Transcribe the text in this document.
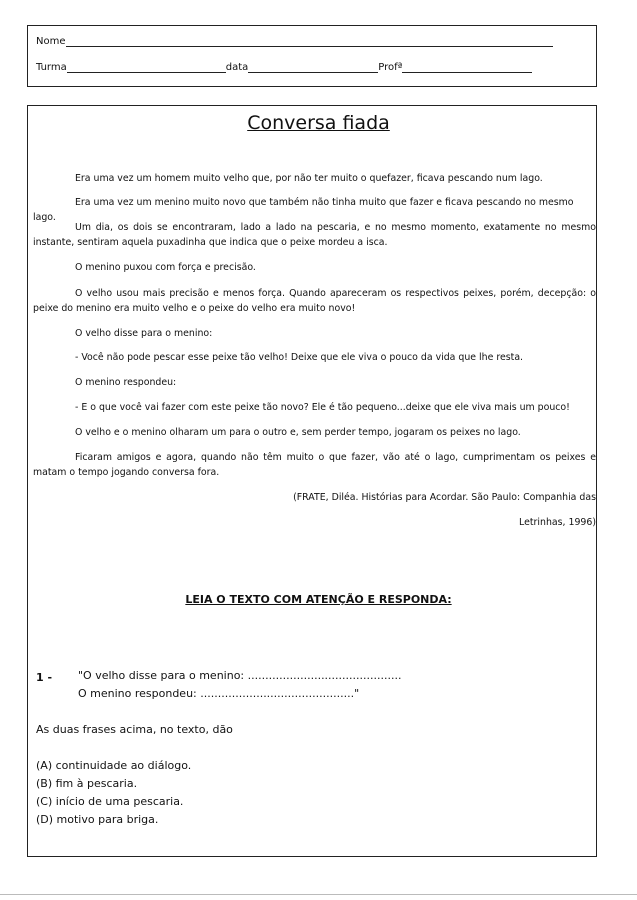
Nome
Turma	data	Profª
Conversa fiada

Era uma vez um homem muito velho que, por não ter muito o quefazer, ficava pescando num lago.

Era uma vez um menino muito novo que também não tinha muito que fazer e ficava pescando no mesmo lago.

Um dia, os dois se encontraram, lado a lado na pescaria, e no mesmo momento, exatamente no mesmo instante, sentiram aquela puxadinha que indica que o peixe mordeu a isca.

O menino puxou com força e precisão.

O velho usou mais precisão e menos força. Quando apareceram os respectivos peixes, porém, decepção: o peixe do menino era muito velho e o peixe do velho era muito novo!

O velho disse para o menino:

- Você não pode pescar esse peixe tão velho! Deixe que ele viva o pouco da vida que lhe resta.

O menino respondeu:

- E o que você vai fazer com este peixe tão novo? Ele é tão pequeno...deixe que ele viva mais um pouco!

O velho e o menino olharam um para o outro e, sem perder tempo, jogaram os peixes no lago.

Ficaram amigos e agora, quando não têm muito o que fazer, vão até o lago, cumprimentam os peixes e matam o tempo jogando conversa fora.

(FRATE, Diléa. Histórias para Acordar. São Paulo: Companhia das

Letrinhas, 1996)

LEIA O TEXTO COM ATENÇÃO E RESPONDA:
1 - "O velho disse para o menino: ............................................
O menino respondeu: ............................................"
As duas frases acima, no texto, dão
(A) continuidade ao diálogo.
(B) fim à pescaria.
(C) início de uma pescaria.
(D) motivo para briga.
